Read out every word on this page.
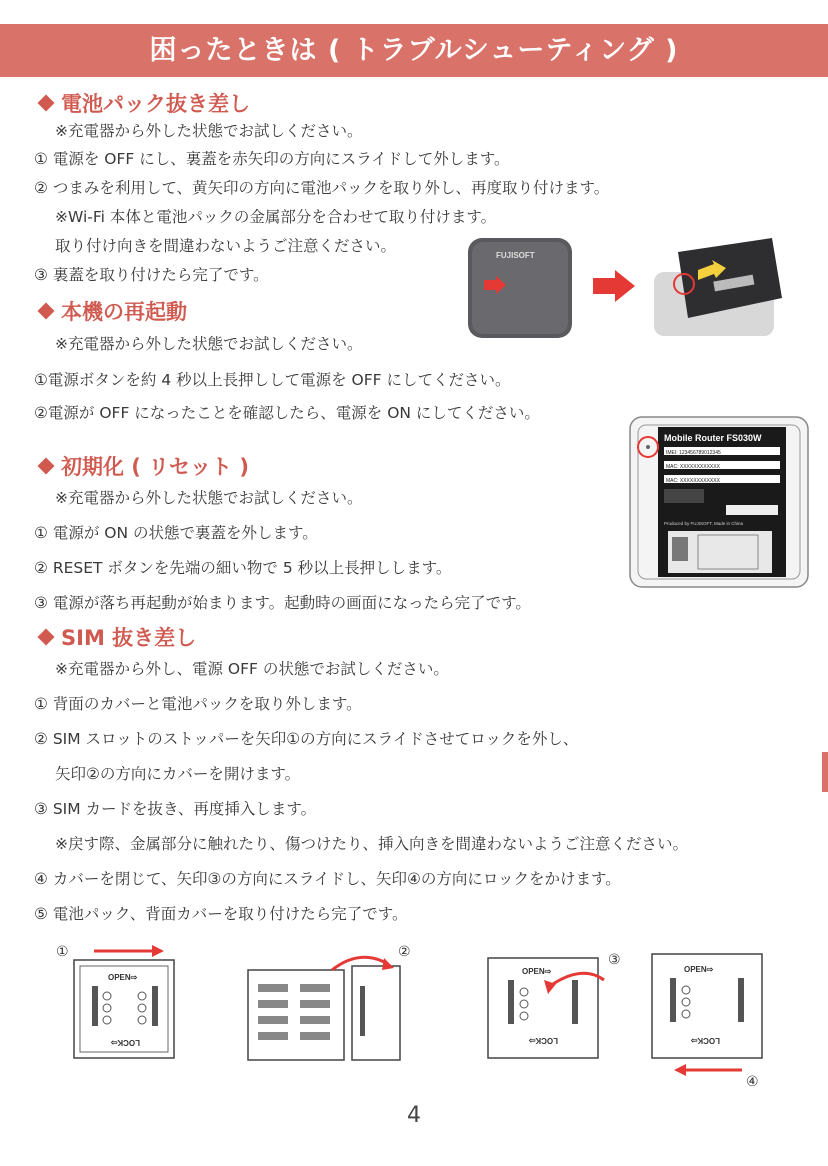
困ったときは ( トラブルシューティング )
電池パック抜き差し
※充電器から外した状態でお試しください。
① 電源を OFF にし、裏蓋を赤矢印の方向にスライドして外します。
② つまみを利用して、黄矢印の方向に電池パックを取り外し、再度取り付けます。
※Wi-Fi 本体と電池パックの金属部分を合わせて取り付けます。
取り付け向きを間違わないようご注意ください。
③ 裏蓋を取り付けたら完了です。
FUJISOFT
本機の再起動
※充電器から外した状態でお試しください。
①電源ボタンを約 4 秒以上長押しして電源を OFF にしてください。
②電源が OFF になったことを確認したら、電源を ON にしてください。
Mobile Router FS030W
IMEI: 123456789012345
MAC: XXXXXXXXXXXX
MAC: XXXXXXXXXXXX
Produced by FUJISOFT, Made in China
初期化 ( リセット )
※充電器から外した状態でお試しください。
① 電源が ON の状態で裏蓋を外します。
② RESET ボタンを先端の細い物で 5 秒以上長押しします。
③ 電源が落ち再起動が始まります。起動時の画面になったら完了です。
SIM 抜き差し
※充電器から外し、電源 OFF の状態でお試しください。
① 背面のカバーと電池パックを取り外します。
② SIM スロットのストッパーを矢印①の方向にスライドさせてロックを外し、
矢印②の方向にカバーを開けます。
③ SIM カードを抜き、再度挿入します。
※戻す際、金属部分に触れたり、傷つけたり、挿入向きを間違わないようご注意ください。
④ カバーを閉じて、矢印③の方向にスライドし、矢印④の方向にロックをかけます。
⑤ 電池パック、背面カバーを取り付けたら完了です。
①
OPEN⇨
LOCK⇨
②
OPEN⇨
LOCK⇨
③
OPEN⇨
LOCK⇨
④
4
